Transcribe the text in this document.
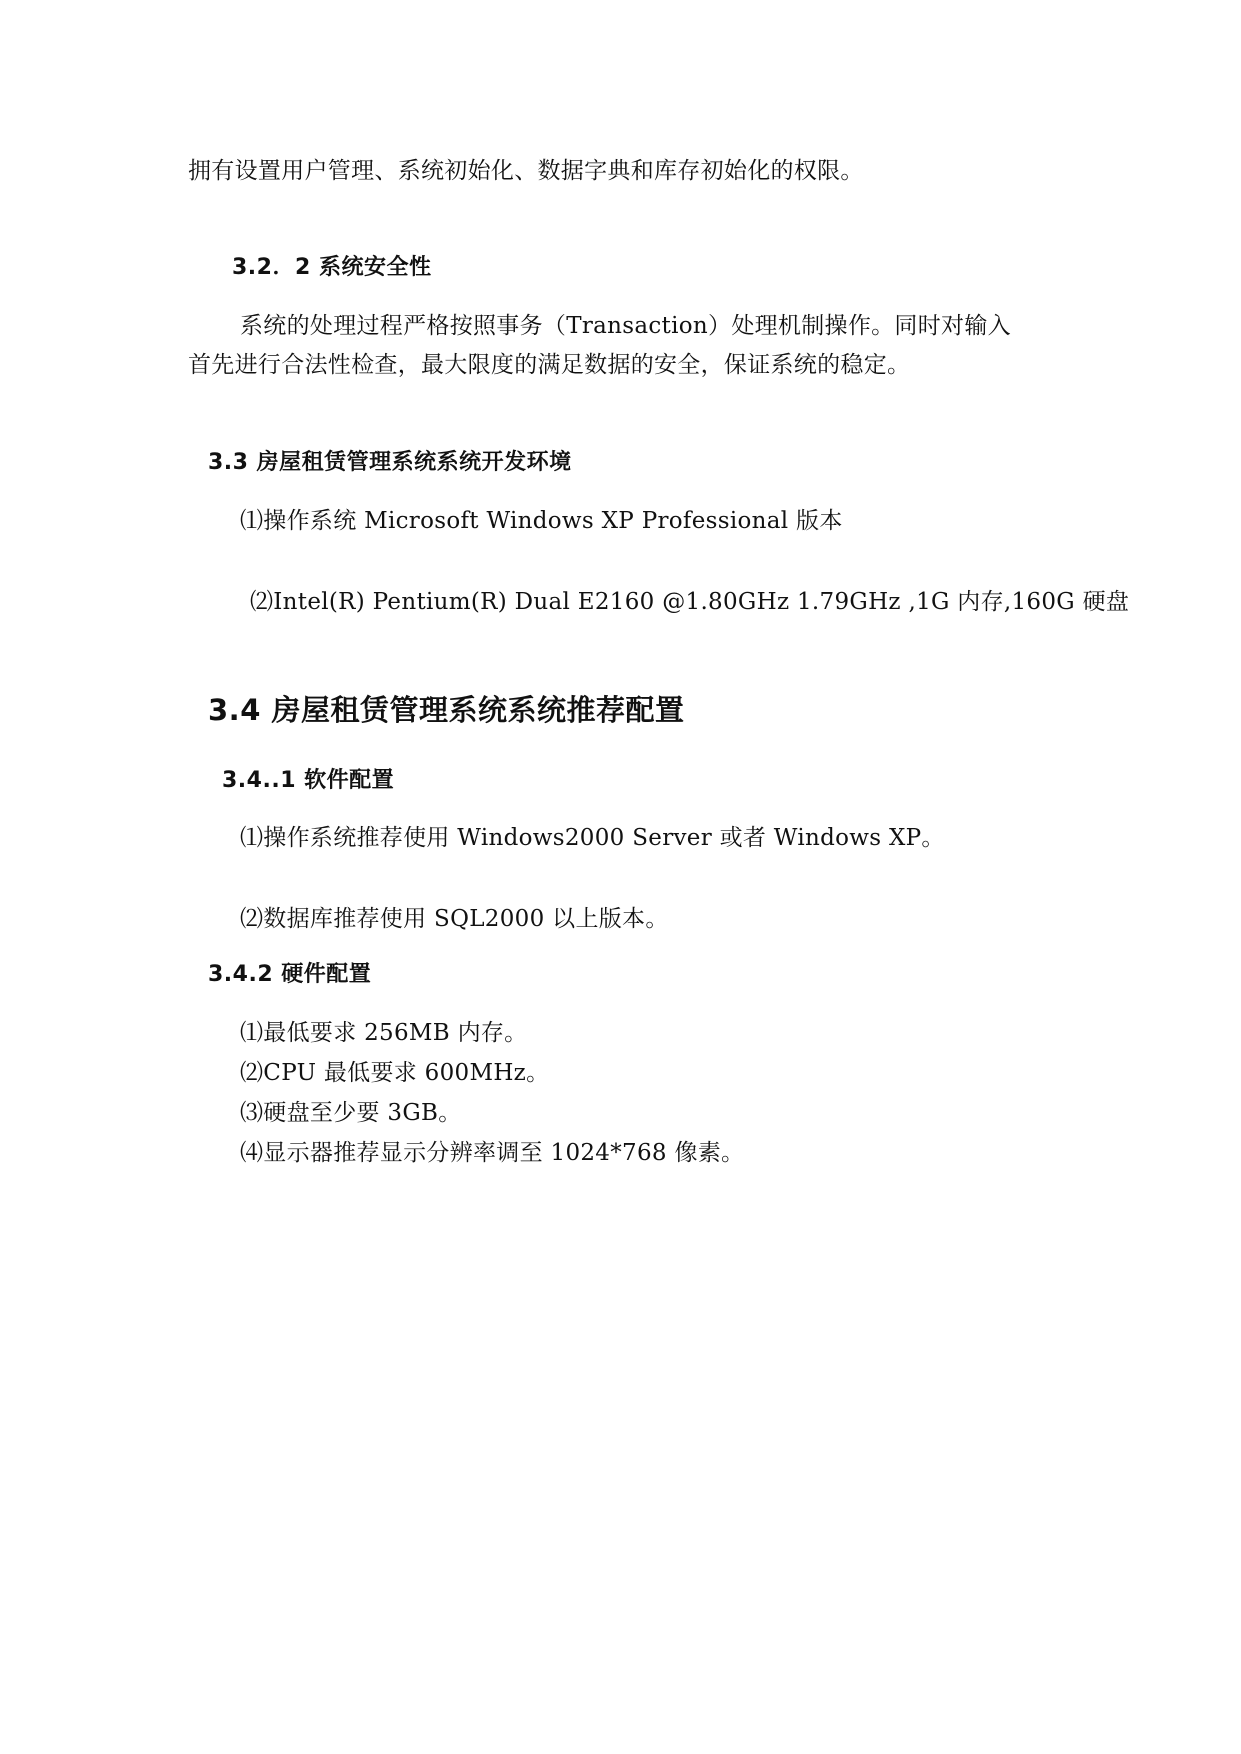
拥有设置用户管理、系统初始化、数据字典和库存初始化的权限。
3.2．2 系统安全性
系统的处理过程严格按照事务（Transaction）处理机制操作。同时对输入
首先进行合法性检查，最大限度的满足数据的安全，保证系统的稳定。
3.3 房屋租赁管理系统系统开发环境
⑴操作系统 Microsoft Windows XP Professional 版本
⑵Intel(R) Pentium(R) Dual E2160 @1.80GHz 1.79GHz ,1G 内存,160G 硬盘
3.4 房屋租赁管理系统系统推荐配置
3.4..1 软件配置
⑴操作系统推荐使用 Windows2000 Server 或者 Windows XP。
⑵数据库推荐使用 SQL2000 以上版本。
3.4.2 硬件配置
⑴最低要求 256MB 内存。
⑵CPU 最低要求 600MHz。
⑶硬盘至少要 3GB。
⑷显示器推荐显示分辨率调至 1024*768 像素。
